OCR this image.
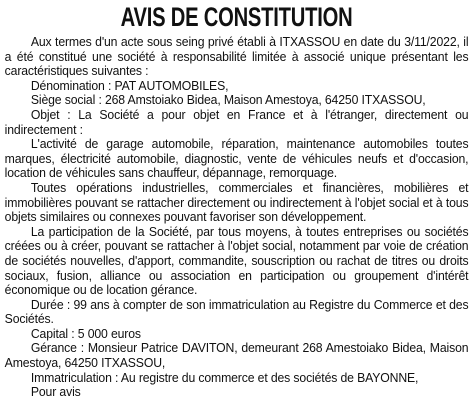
AVIS DE CONSTITUTION

Aux termes d'un acte sous seing privé établi à ITXASSOU en date du 3/11/2022, il a été constitué une société à responsabilité limitée à associé unique présentant les caractéristiques suivantes :

Dénomination : PAT AUTOMOBILES,

Siège social : 268 Amstoiako Bidea, Maison Amestoya, 64250 ITXASSOU,

Objet : La Société a pour objet en France et à l'étranger, directement ou indirectement :

L'activité de garage automobile, réparation, maintenance automobiles toutes marques, électricité automobile, diagnostic, vente de véhicules neufs et d'occasion, location de véhicules sans chauffeur, dépannage, remorquage.

Toutes opérations industrielles, commerciales et financières, mobilières et immobilières pouvant se rattacher directement ou indirectement à l'objet social et à tous objets similaires ou connexes pouvant favoriser son développement.

La participation de la Société, par tous moyens, à toutes entreprises ou sociétés créées ou à créer, pouvant se rattacher à l'objet social, notamment par voie de création de sociétés nouvelles, d'apport, commandite, souscription ou rachat de titres ou droits sociaux, fusion, alliance ou association en participation ou groupement d'intérêt économique ou de location gérance.

Durée : 99 ans à compter de son immatriculation au Registre du Commerce et des Sociétés.

Capital : 5 000 euros

Gérance : Monsieur Patrice DAVITON, demeurant 268 Amestoiako Bidea, Maison Amestoya, 64250 ITXASSOU,

Immatriculation : Au registre du commerce et des sociétés de BAYONNE,

Pour avis
